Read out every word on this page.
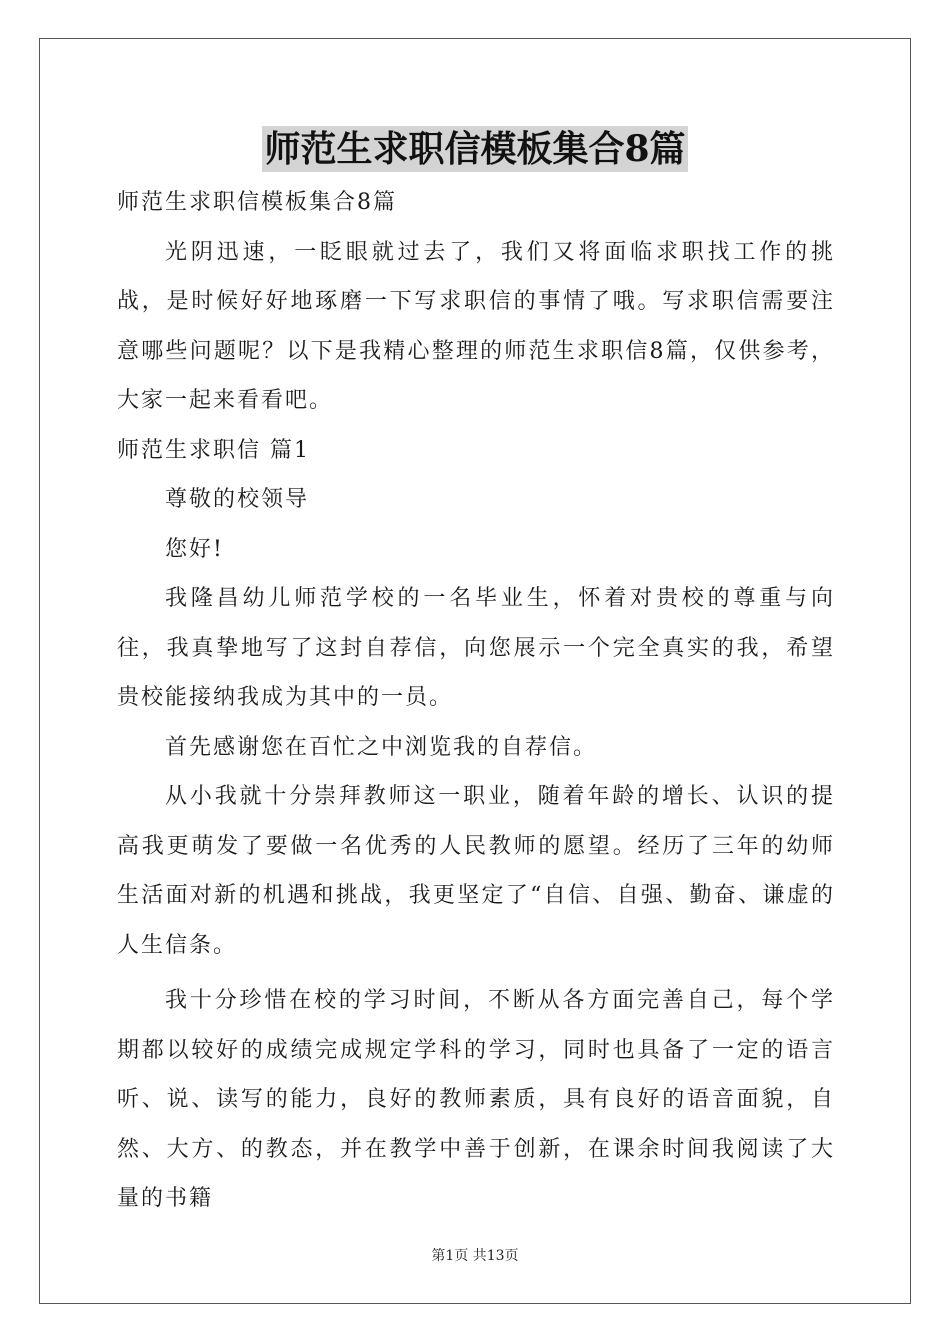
师范生求职信模板集合8篇

师范生求职信模板集合8篇

光阴迅速，一眨眼就过去了，我们又将面临求职找工作的挑战，是时候好好地琢磨一下写求职信的事情了哦。写求职信需要注意哪些问题呢？以下是我精心整理的师范生求职信8篇，仅供参考，大家一起来看看吧。

师范生求职信 篇1

尊敬的校领导

您好!

我隆昌幼儿师范学校的一名毕业生，怀着对贵校的尊重与向往，我真挚地写了这封自荐信，向您展示一个完全真实的我，希望贵校能接纳我成为其中的一员。

首先感谢您在百忙之中浏览我的自荐信。

从小我就十分崇拜教师这一职业，随着年龄的增长、认识的提高我更萌发了要做一名优秀的人民教师的愿望。经历了三年的幼师生活面对新的机遇和挑战，我更坚定了“自信、自强、勤奋、谦虚的人生信条。

我十分珍惜在校的学习时间，不断从各方面完善自己，每个学期都以较好的成绩完成规定学科的学习，同时也具备了一定的语言听、说、读写的能力，良好的教师素质，具有良好的语音面貌，自然、大方、的教态，并在教学中善于创新，在课余时间我阅读了大量的书籍

第1页 共13页
